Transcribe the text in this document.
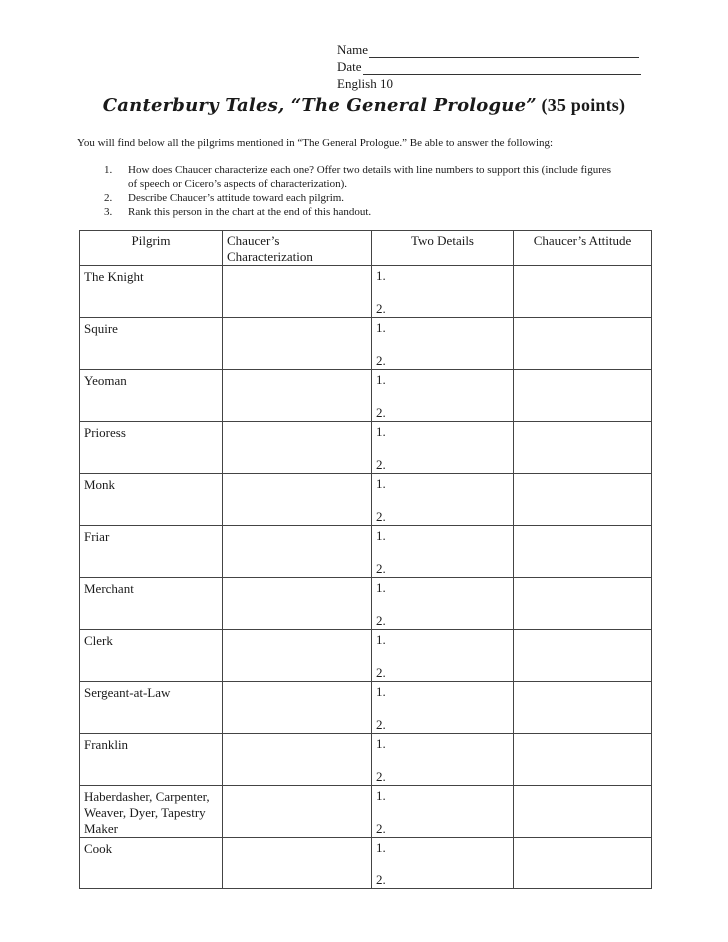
Name
Date
English 10
Canterbury Tales, “The General Prologue” (35 points)
You will find below all the pilgrims mentioned in “The General Prologue.” Be able to answer the following:
1.	How does Chaucer characterize each one? Offer two details with line numbers to support this (include figures of speech or Cicero’s aspects of characterization).
2.	Describe Chaucer’s attitude toward each pilgrim.
3.	Rank this person in the chart at the end of this handout.
Pilgrim	Chaucer’s Characterization	Two Details	Chaucer’s Attitude
The Knight		1.
2.	

Squire		1.
2.	

Yeoman		1.
2.	

Prioress		1.
2.	

Monk		1.
2.	

Friar		1.
2.	

Merchant		1.
2.	

Clerk		1.
2.	

Sergeant-at-Law		1.
2.	

Franklin		1.
2.	

Haberdasher, Carpenter, Weaver, Dyer, Tapestry Maker		1.
2.	

Cook		1.
2.	
